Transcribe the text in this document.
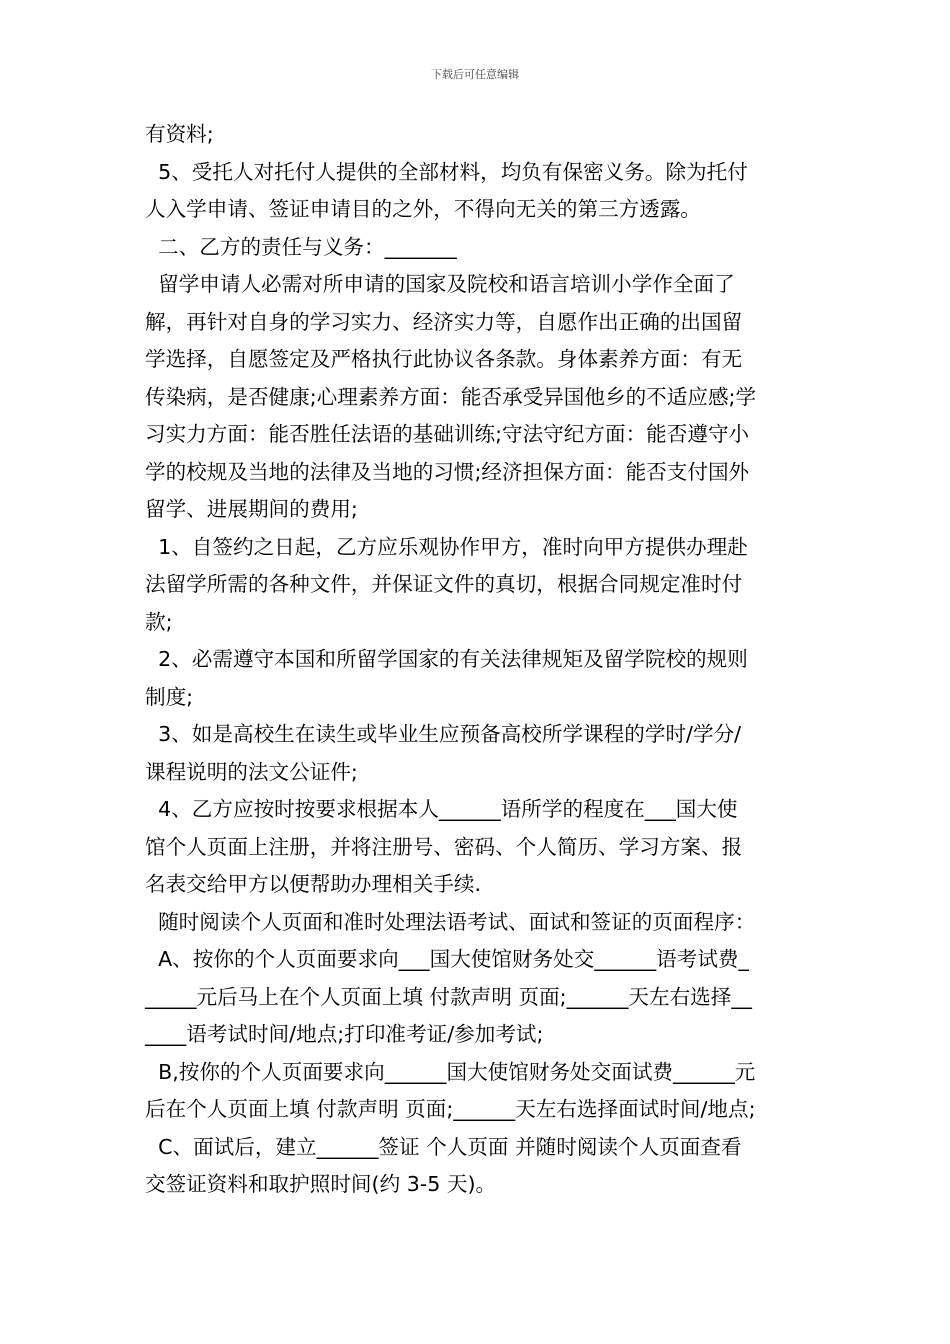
下载后可任意编辑

有资料;

5、受托人对托付人提供的全部材料，均负有保密义务。除为托付
人入学申请、签证申请目的之外，不得向无关的第三方透露。

二、乙方的责任与义务：_______

留学申请人必需对所申请的国家及院校和语言培训小学作全面了
解，再针对自身的学习实力、经济实力等，自愿作出正确的出国留
学选择，自愿签定及严格执行此协议各条款。身体素养方面：有无
传染病，是否健康;心理素养方面：能否承受异国他乡的不适应感;学
习实力方面：能否胜任法语的基础训练;守法守纪方面：能否遵守小
学的校规及当地的法律及当地的习惯;经济担保方面：能否支付国外
留学、进展期间的费用;

1、自签约之日起，乙方应乐观协作甲方，准时向甲方提供办理赴
法留学所需的各种文件，并保证文件的真切，根据合同规定准时付
款;

2、必需遵守本国和所留学国家的有关法律规矩及留学院校的规则
制度;

3、如是高校生在读生或毕业生应预备高校所学课程的学时/学分/
课程说明的法文公证件;

4、乙方应按时按要求根据本人______语所学的程度在___国大使
馆个人页面上注册，并将注册号、密码、个人简历、学习方案、报
名表交给甲方以便帮助办理相关手续.

随时阅读个人页面和准时处理法语考试、面试和签证的页面程序：

A、按你的个人页面要求向___国大使馆财务处交______语考试费_
_____元后马上在个人页面上填 付款声明 页面;______天左右选择__
____语考试时间/地点;打印准考证/参加考试;

B,按你的个人页面要求向______国大使馆财务处交面试费______元
后在个人页面上填 付款声明 页面;______天左右选择面试时间/地点;

C、面试后，建立______签证 个人页面 并随时阅读个人页面查看
交签证资料和取护照时间(约 3-5 天)。
